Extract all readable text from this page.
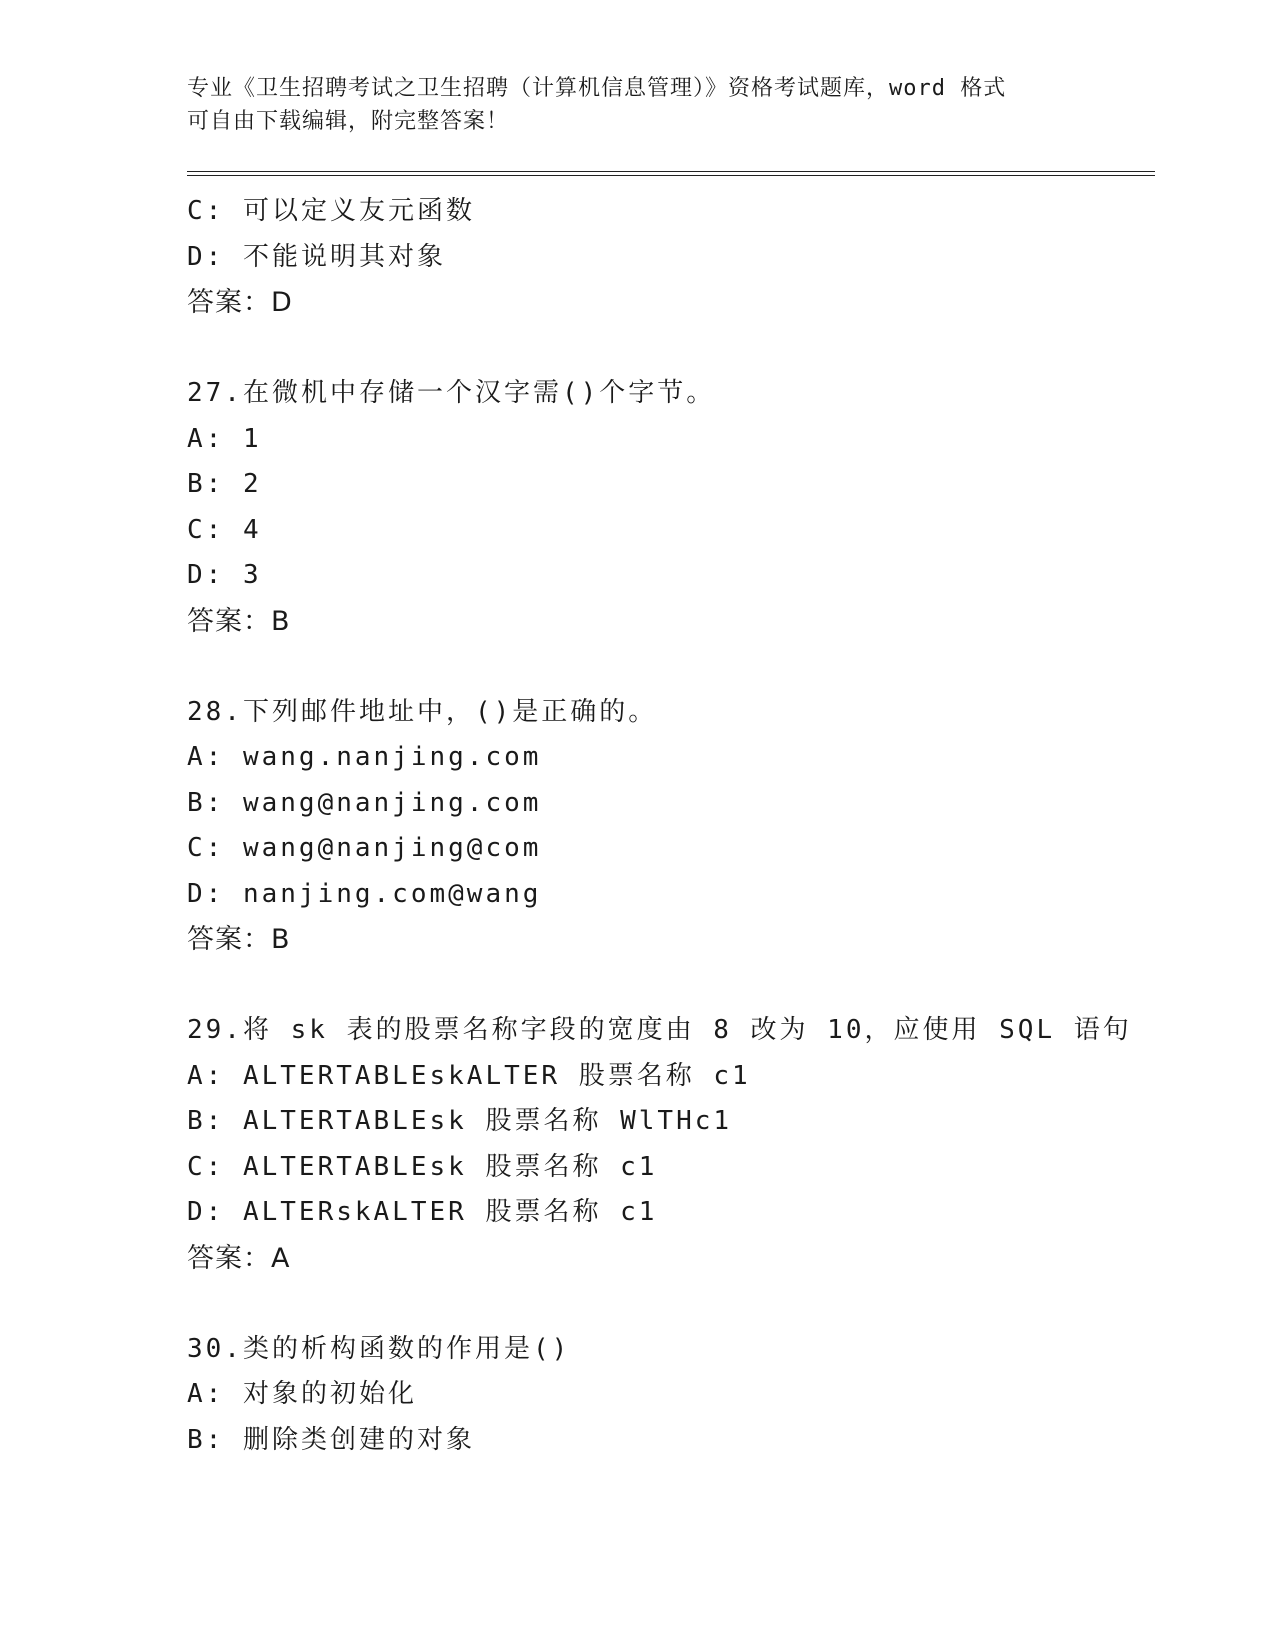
专业《卫生招聘考试之卫生招聘（计算机信息管理）》资格考试题库，word 格式
可自由下载编辑，附完整答案！
C: 可以定义友元函数
D: 不能说明其对象
答案：D
27.在微机中存储一个汉字需()个字节。
A: 1
B: 2
C: 4
D: 3
答案：B
28.下列邮件地址中，()是正确的。
A: wang.nanjing.com
B: wang@nanjing.com
C: wang@nanjing@com
D: nanjing.com@wang
答案：B
29.将 sk 表的股票名称字段的宽度由 8 改为 10，应使用 SQL 语句
A: ALTERTABLEskALTER 股票名称 c1
B: ALTERTABLEsk 股票名称 WlTHc1
C: ALTERTABLEsk 股票名称 c1
D: ALTERskALTER 股票名称 c1
答案：A
30.类的析构函数的作用是()
A: 对象的初始化
B: 删除类创建的对象
